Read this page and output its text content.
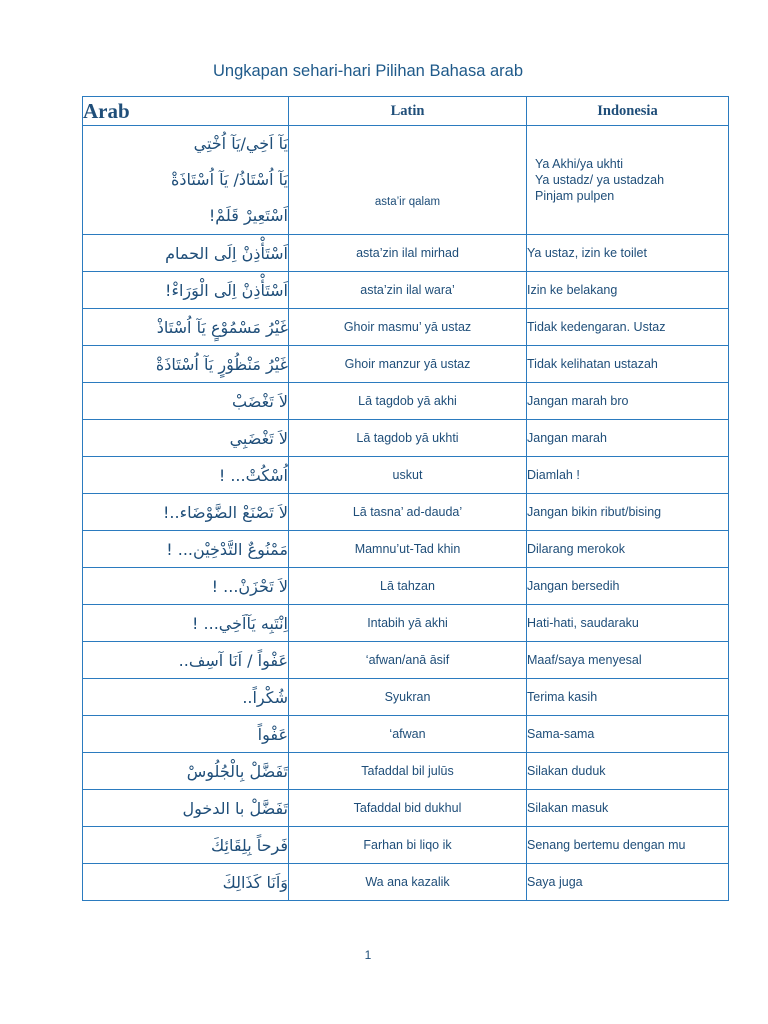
Ungkapan sehari-hari Pilihan Bahasa arab
Arab	Latin	Indonesia

يَآ اَخِي/يَآ اُخْتِي
يَآ اُسْتَاذُ/ يَآ اُسْتَاذَةْ
اَسْتَعِيرْ قَلَمْ!	asta’ir qalam	Ya Akhi/ya ukhti
Ya ustadz/ ya ustadzah
Pinjam pulpen

اَسْتَأْذِنْ اِلَى الحمام	asta’zin ilal mirhad	Ya ustaz, izin ke toilet
اَسْتَأْذِنْ اِلَى الْوَرَاءْ!	asta’zin ilal wara’	Izin ke belakang
غَيْرُ مَسْمُوْعٍ يَآ اُسْتَاذْ	Ghoir masmu’ yā ustaz	Tidak kedengaran. Ustaz
غَيْرُ مَنْظُوْرٍ يَآ اُسْتَاذَةْ	Ghoir manzur yā ustaz	Tidak kelihatan ustazah
لاَ تَغْضَبْ	Lā tagdob yā akhi	Jangan marah bro
لاَ تَغْضَبِي	Lā tagdob yā ukhti	Jangan marah
اُسْكُتْ... !	uskut	Diamlah !
لاَ تَصْنَعْ الضَّوْضَاء..!	Lā tasna’ ad-dauda’	Jangan bikin ribut/bising
مَمْنُوعٌ التَّدْخِيْن... !	Mamnu’ut-Tad khin	Dilarang merokok
لاَ تَحْزَنْ... !	Lā tahzan	Jangan bersedih
اِنْتَبِه يَآاَخِي... !	Intabih yā akhi	Hati-hati, saudaraku
عَفْواً / اَنَا آسِف..	‘afwan/anā āsif	Maaf/saya menyesal
شُكْراً..	Syukran	Terima kasih
عَفْواً	‘afwan	Sama-sama
تَفَضَّلْ بِالْجُلُوسْ	Tafaddal bil julūs	Silakan duduk
تَفَضَّلْ با الدخول	Tafaddal bid dukhul	Silakan masuk
فَرحاً بِلِقَائِكَ	Farhan bi liqo ik	Senang bertemu dengan mu
وَاَنَا كَذَالِكَ	Wa ana kazalik	Saya juga
1
